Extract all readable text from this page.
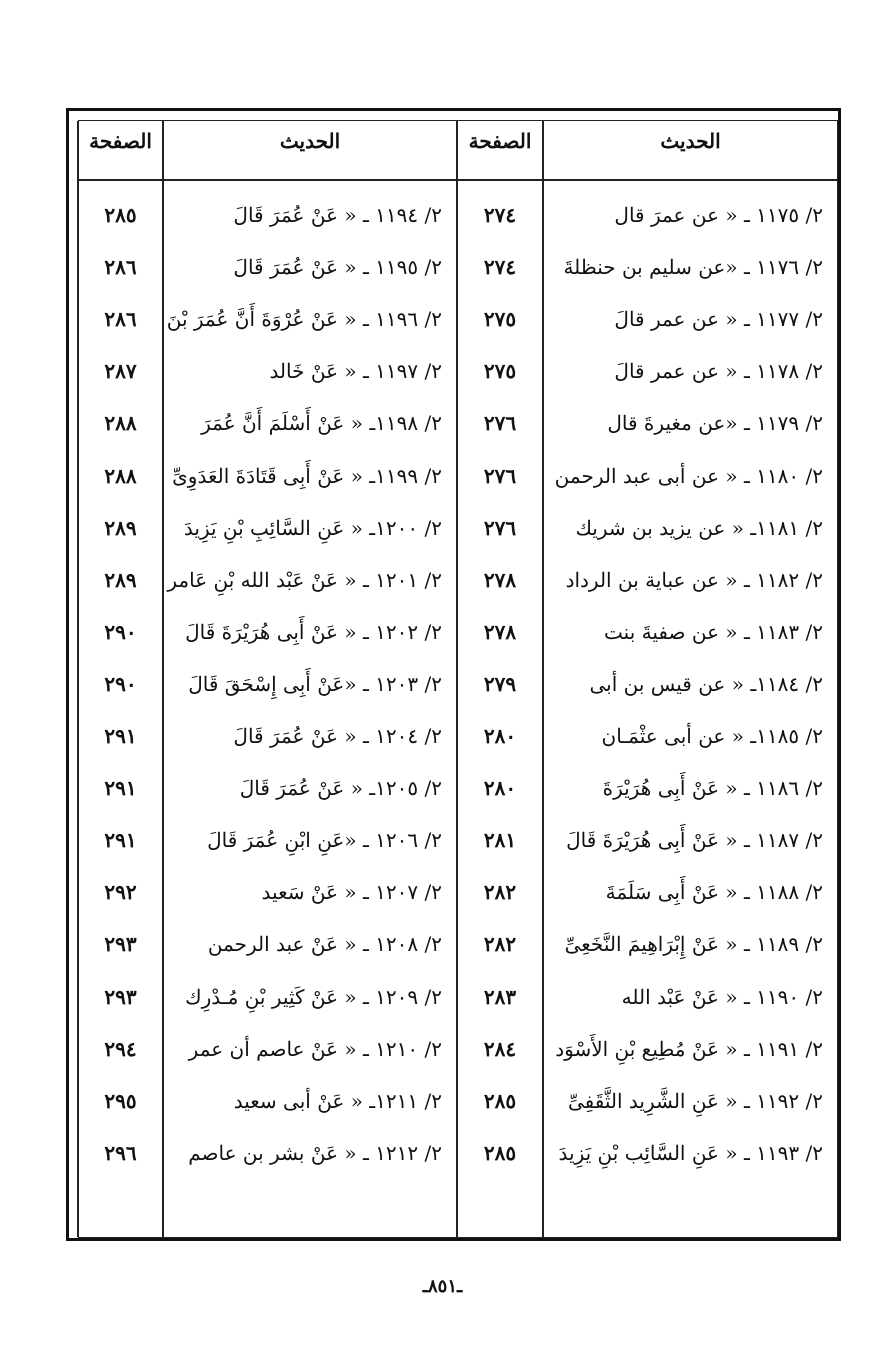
الحديث
الصفحة
الحديث
الصفحة
٢/ ١١٧٥ ـ « عن عمرَ قال
٢٧٤
٢/ ١١٧٦ ـ «عن سليم بن حنظلةَ
٢٧٤
٢/ ١١٧٧ ـ « عن عمر قالَ
٢٧٥
٢/ ١١٧٨ ـ « عن عمر قالَ
٢٧٥
٢/ ١١٧٩ ـ «عن مغيرةَ قال
٢٧٦
٢/ ١١٨٠ ـ « عن أبى عبد الرحمن
٢٧٦
٢/ ١١٨١ـ « عن يزيد بن شريك
٢٧٦
٢/ ١١٨٢ ـ « عن عباية بن الرداد
٢٧٨
٢/ ١١٨٣ ـ « عن صفيةَ بنت
٢٧٨
٢/ ١١٨٤ـ « عن قيس بن أبى
٢٧٩
٢/ ١١٨٥ـ « عن أبى عثْمَـان
٢٨٠
٢/ ١١٨٦ ـ « عَنْ أَبِى هُرَيْرَةَ
٢٨٠
٢/ ١١٨٧ ـ « عَنْ أَبِى هُرَيْرَةَ قَالَ
٢٨١
٢/ ١١٨٨ ـ « عَنْ أَبِى سَلَمَةَ
٢٨٢
٢/ ١١٨٩ ـ « عَنْ إِبْرَاهِيمَ النَّخَعِىِّ
٢٨٢
٢/ ١١٩٠ ـ « عَنْ عَبْد الله
٢٨٣
٢/ ١١٩١ ـ « عَنْ مُطِيع بْنِ الأَسْوَد
٢٨٤
٢/ ١١٩٢ ـ « عَنِ الشَّرِيد الثَّقَفِىِّ
٢٨٥
٢/ ١١٩٣ ـ « عَنِ السَّائِب بْنِ يَزِيدَ
٢٨٥
٢/ ١١٩٤ ـ « عَنْ عُمَرَ قَالَ
٢٨٥
٢/ ١١٩٥ ـ « عَنْ عُمَرَ قَالَ
٢٨٦
٢/ ١١٩٦ ـ « عَنْ عُرْوَةَ أَنَّ عُمَرَ بْنَ
٢٨٦
٢/ ١١٩٧ ـ « عَنْ خَالد
٢٨٧
٢/ ١١٩٨ـ « عَنْ أَسْلَمَ أَنَّ عُمَرَ
٢٨٨
٢/ ١١٩٩ـ « عَنْ أَبِى قَتَادَةَ العَدَوِىِّ
٢٨٨
٢/ ١٢٠٠ـ « عَنِ السَّائِبِ بْنِ يَزِيدَ
٢٨٩
٢/ ١٢٠١ ـ « عَنْ عَبْد الله بْنِ عَامر
٢٨٩
٢/ ١٢٠٢ ـ « عَنْ أَبِى هُرَيْرَةَ قَالَ
٢٩٠
٢/ ١٢٠٣ ـ «عَنْ أَبِى إِسْحَقَ قَالَ
٢٩٠
٢/ ١٢٠٤ ـ « عَنْ عُمَرَ قَالَ
٢٩١
٢/ ١٢٠٥ـ « عَنْ عُمَرَ قَالَ
٢٩١
٢/ ١٢٠٦ ـ «عَنِ ابْنِ عُمَرَ قَالَ
٢٩١
٢/ ١٢٠٧ ـ « عَنْ سَعيد
٢٩٢
٢/ ١٢٠٨ ـ « عَنْ عبد الرحمن
٢٩٣
٢/ ١٢٠٩ ـ « عَنْ كَثِير بْنِ مُـدْرِك
٢٩٣
٢/ ١٢١٠ ـ « عَنْ عاصم أن عمر
٢٩٤
٢/ ١٢١١ـ « عَنْ أبى سعيد
٢٩٥
٢/ ١٢١٢ ـ « عَنْ بشر بن عاصم
٢٩٦
ـ٨٥١ـ
